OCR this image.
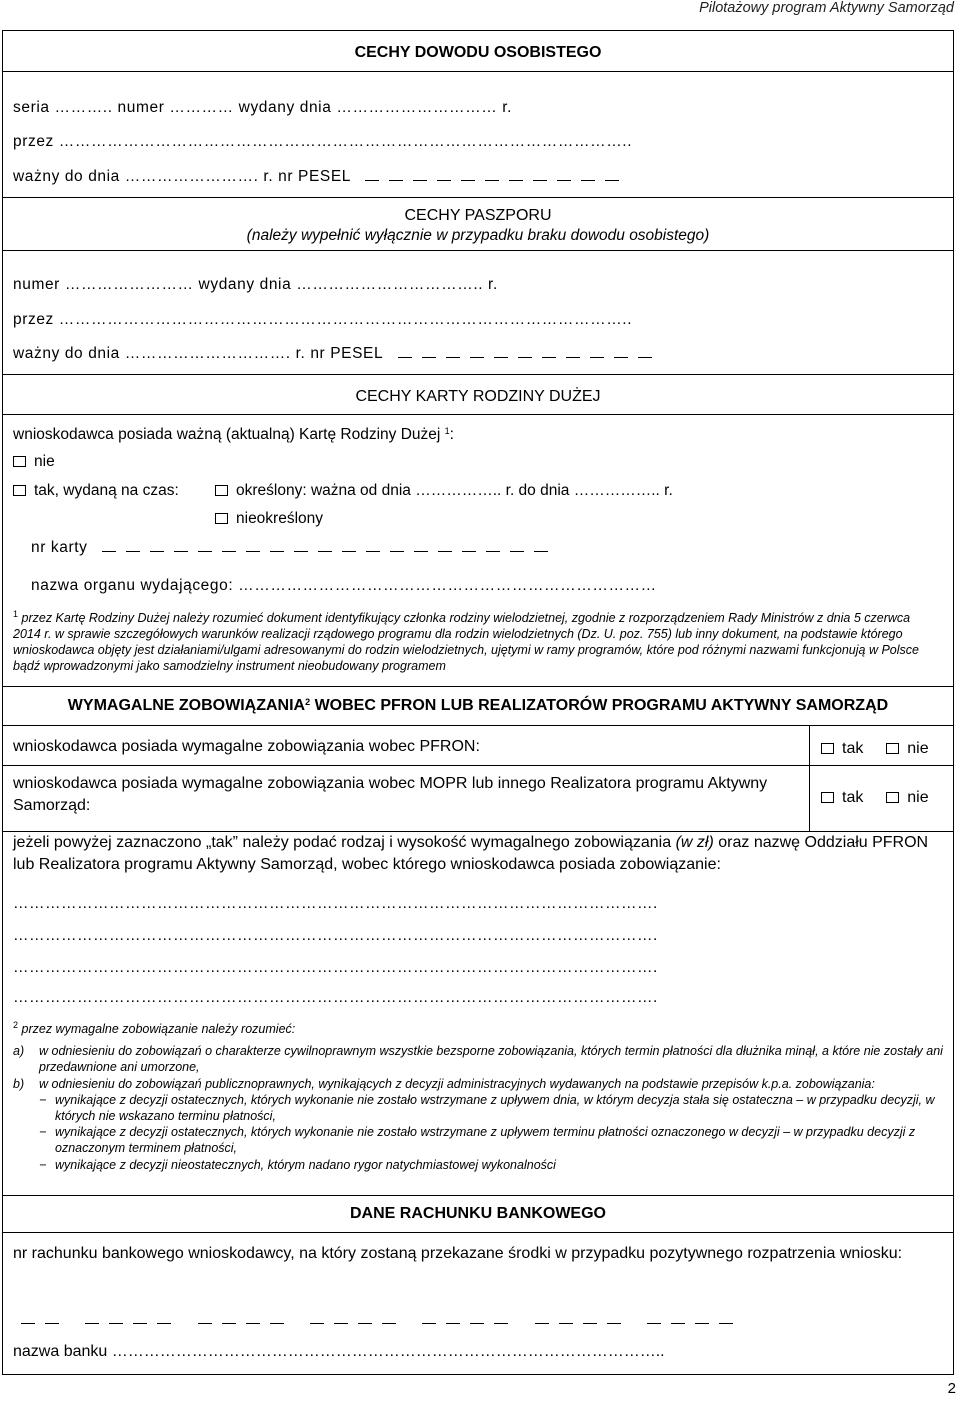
Pilotażowy program Aktywny Samorząd
CECHY DOWODU OSOBISTEGO
seria ……….. numer ………… wydany dnia ………………………… r.
przez ……………………………………………………………………………………………..
ważny do dnia ……………………. r. nr PESEL
CECHY PASZPORU
(należy wypełnić wyłącznie w przypadku braku dowodu osobistego)
numer …………………… wydany dnia …………………………….. r.
przez ……………………………………………………………………………………………..
ważny do dnia …………………………. r. nr PESEL
CECHY KARTY RODZINY DUŻEJ
wnioskodawca posiada ważną (aktualną) Kartę Rodziny Dużej $^1$:
nie
tak, wydaną na czas:	określony: ważna od dnia …………….. r. do dnia …………….. r.
nieokreślony
nr karty
nazwa organu wydającego: ……………………………………………………………………
$^1$ przez Kartę Rodziny Dużej należy rozumieć dokument identyfikujący członka rodziny wielodzietnej, zgodnie z rozporządzeniem Rady Ministrów z dnia 5 czerwca 2014 r. w sprawie szczegółowych warunków realizacji rządowego programu dla rodzin wielodzietnych (Dz. U. poz. 755) lub inny dokument, na podstawie którego wnioskodawca objęty jest działaniami/ulgami adresowanymi do rodzin wielodzietnych, ujętymi w ramy programów, które pod różnymi nazwami funkcjonują w Polsce bądź wprowadzonymi jako samodzielny instrument nieobudowany programem
WYMAGALNE ZOBOWIĄZANIA$^2$ WOBEC PFRON LUB REALIZATORÓW PROGRAMU AKTYWNY SAMORZĄD
wnioskodawca posiada wymagalne zobowiązania wobec PFRON:	tak	nie
wnioskodawca posiada wymagalne zobowiązania wobec MOPR lub innego Realizatora programu Aktywny Samorząd:	tak	nie
jeżeli powyżej zaznaczono „tak” należy podać rodzaj i wysokość wymagalnego zobowiązania (w zł) oraz nazwę Oddziału PFRON lub Realizatora programu Aktywny Samorząd, wobec którego wnioskodawca posiada zobowiązanie:
………………………………………………………………………………………………………….
………………………………………………………………………………………………………….
………………………………………………………………………………………………………….
………………………………………………………………………………………………………….
$^2$ przez wymagalne zobowiązanie należy rozumieć:
a)	w odniesieniu do zobowiązań o charakterze cywilnoprawnym wszystkie bezsporne zobowiązania, których termin płatności dla dłużnika minął, a które nie zostały ani przedawnione ani umorzone,
b)	w odniesieniu do zobowiązań publicznoprawnych, wynikających z decyzji administracyjnych wydawanych na podstawie przepisów k.p.a. zobowiązania:
− wynikające z decyzji ostatecznych, których wykonanie nie zostało wstrzymane z upływem dnia, w którym decyzja stała się ostateczna – w przypadku decyzji, w których nie wskazano terminu płatności,
− wynikające z decyzji ostatecznych, których wykonanie nie zostało wstrzymane z upływem terminu płatności oznaczonego w decyzji – w przypadku decyzji z oznaczonym terminem płatności,
− wynikające z decyzji nieostatecznych, którym nadano rygor natychmiastowej wykonalności
DANE RACHUNKU BANKOWEGO
nr rachunku bankowego wnioskodawcy, na który zostaną przekazane środki w przypadku pozytywnego rozpatrzenia wniosku:

nazwa banku …………………………………………………………………………………………..
2
